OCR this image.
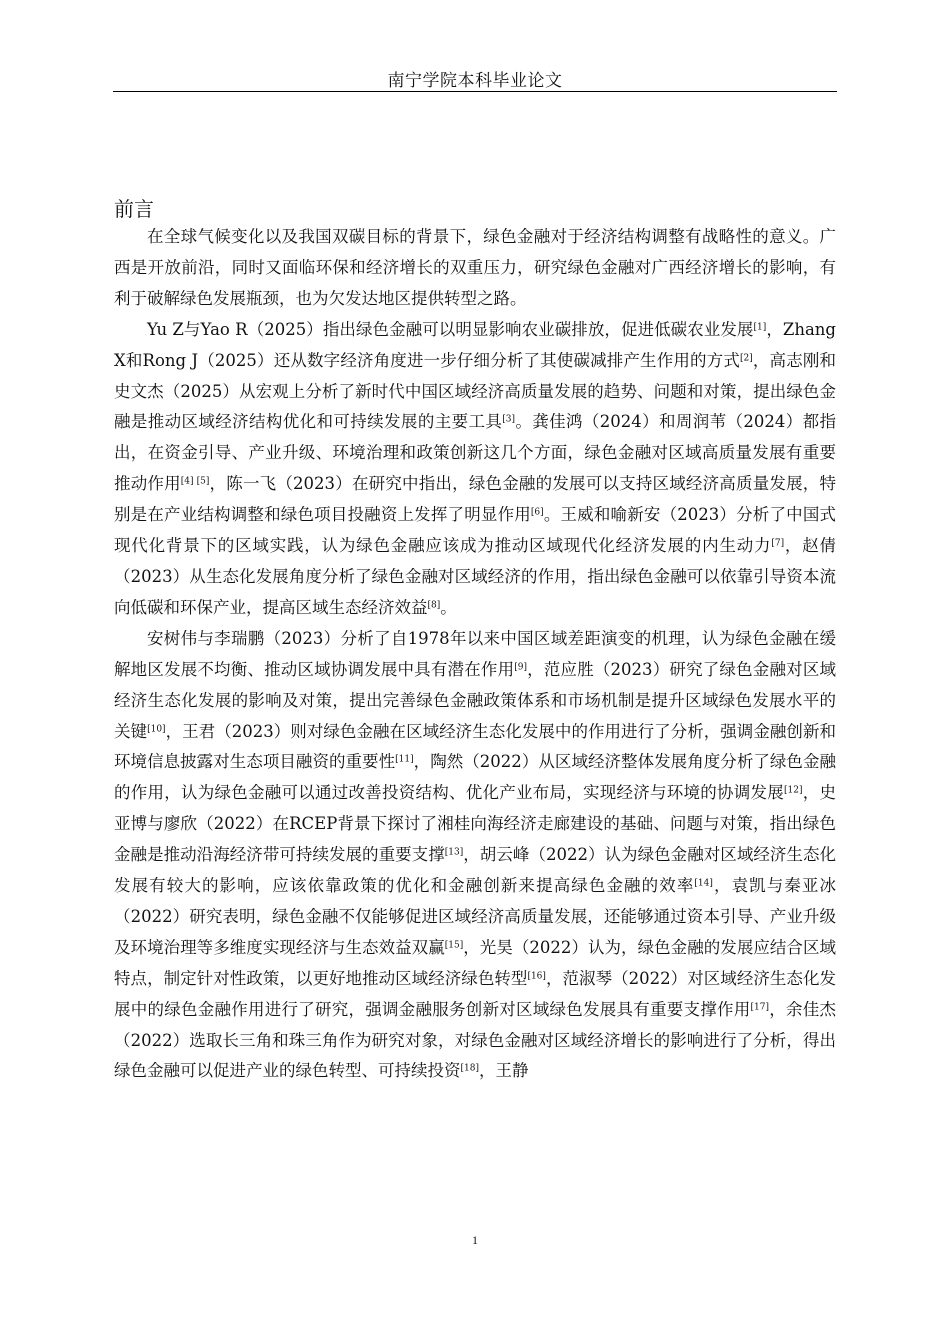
南宁学院本科毕业论文
前言

在全球气候变化以及我国双碳目标的背景下，绿色金融对于经济结构调整有战略性的意义。广西是开放前沿，同时又面临环保和经济增长的双重压力，研究绿色金融对广西经济增长的影响，有利于破解绿色发展瓶颈，也为欠发达地区提供转型之路。

Yu Z与Yao R（2025）指出绿色金融可以明显影响农业碳排放，促进低碳农业发展[1]，Zhang X和Rong J（2025）还从数字经济角度进一步仔细分析了其使碳减排产生作用的方式[2]，高志刚和史文杰（2025）从宏观上分析了新时代中国区域经济高质量发展的趋势、问题和对策，提出绿色金融是推动区域经济结构优化和可持续发展的主要工具[3]。龚佳鸿（2024）和周润苇（2024）都指出，在资金引导、产业升级、环境治理和政策创新这几个方面，绿色金融对区域高质量发展有重要推动作用[4] [5]，陈一飞（2023）在研究中指出，绿色金融的发展可以支持区域经济高质量发展，特别是在产业结构调整和绿色项目投融资上发挥了明显作用[6]。王威和喻新安（2023）分析了中国式现代化背景下的区域实践，认为绿色金融应该成为推动区域现代化经济发展的内生动力[7]，赵倩（2023）从生态化发展角度分析了绿色金融对区域经济的作用，指出绿色金融可以依靠引导资本流向低碳和环保产业，提高区域生态经济效益[8]。

安树伟与李瑞鹏（2023）分析了自1978年以来中国区域差距演变的机理，认为绿色金融在缓解地区发展不均衡、推动区域协调发展中具有潜在作用[9]，范应胜（2023）研究了绿色金融对区域经济生态化发展的影响及对策，提出完善绿色金融政策体系和市场机制是提升区域绿色发展水平的关键[10]，王君（2023）则对绿色金融在区域经济生态化发展中的作用进行了分析，强调金融创新和环境信息披露对生态项目融资的重要性[11]，陶然（2022）从区域经济整体发展角度分析了绿色金融的作用，认为绿色金融可以通过改善投资结构、优化产业布局，实现经济与环境的协调发展[12]，史亚博与廖欣（2022）在RCEP背景下探讨了湘桂向海经济走廊建设的基础、问题与对策，指出绿色金融是推动沿海经济带可持续发展的重要支撑[13]，胡云峰（2022）认为绿色金融对区域经济生态化发展有较大的影响，应该依靠政策的优化和金融创新来提高绿色金融的效率[14]，袁凯与秦亚冰（2022）研究表明，绿色金融不仅能够促进区域经济高质量发展，还能够通过资本引导、产业升级及环境治理等多维度实现经济与生态效益双赢[15]，光昊（2022）认为，绿色金融的发展应结合区域特点，制定针对性政策，以更好地推动区域经济绿色转型[16]，范淑琴（2022）对区域经济生态化发展中的绿色金融作用进行了研究，强调金融服务创新对区域绿色发展具有重要支撑作用[17]，余佳杰（2022）选取长三角和珠三角作为研究对象，对绿色金融对区域经济增长的影响进行了分析，得出绿色金融可以促进产业的绿色转型、可持续投资[18]，王静

1
